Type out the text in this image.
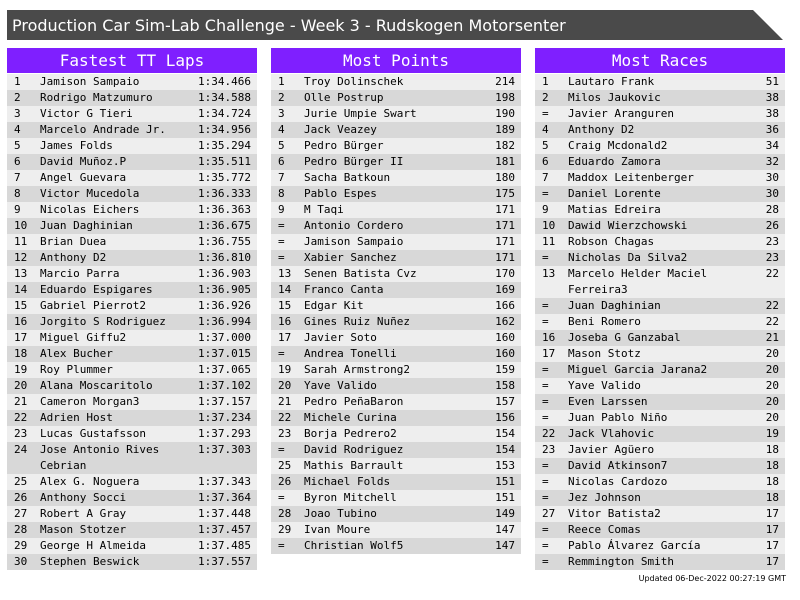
Production Car Sim-Lab Challenge - Week 3 - Rudskogen Motorsenter
Fastest TT Laps
1	Jamison Sampaio	1:34.466
2	Rodrigo Matzumuro	1:34.588
3	Victor G Tieri	1:34.724
4	Marcelo Andrade Jr.	1:34.956
5	James Folds	1:35.294
6	David Muñoz.P	1:35.511
7	Angel Guevara	1:35.772
8	Victor Mucedola	1:36.333
9	Nicolas Eichers	1:36.363
10	Juan Daghinian	1:36.675
11	Brian Duea	1:36.755
12	Anthony D2	1:36.810
13	Marcio Parra	1:36.903
14	Eduardo Espigares	1:36.905
15	Gabriel Pierrot2	1:36.926
16	Jorgito S Rodriguez	1:36.994
17	Miguel Giffu2	1:37.000
18	Alex Bucher	1:37.015
19	Roy Plummer	1:37.065
20	Alana Moscaritolo	1:37.102
21	Cameron Morgan3	1:37.157
22	Adrien Host	1:37.234
23	Lucas Gustafsson	1:37.293
24	Jose Antonio Rives Cebrian
1:37.303
25	Alex G. Noguera	1:37.343
26	Anthony Socci	1:37.364
27	Robert A Gray	1:37.448
28	Mason Stotzer	1:37.457
29	George H Almeida	1:37.485
30	Stephen Beswick	1:37.557
Most Points
1	Troy Dolinschek	214
2	Olle Postrup	198
3	Jurie Umpie Swart	190
4	Jack Veazey	189
5	Pedro Bürger	182
6	Pedro Bürger II	181
7	Sacha Batkoun	180
8	Pablo Espes	175
9	M Taqi	171
=	Antonio Cordero	171
=	Jamison Sampaio	171
=	Xabier Sanchez	171
13	Senen Batista Cvz	170
14	Franco Canta	169
15	Edgar Kit	166
16	Gines Ruiz Nuñez	162
17	Javier Soto	160
=	Andrea Tonelli	160
19	Sarah Armstrong2	159
20	Yave Valido	158
21	Pedro PeñaBaron	157
22	Michele Curina	156
23	Borja Pedrero2	154
=	David Rodriguez	154
25	Mathis Barrault	153
26	Michael Folds	151
=	Byron Mitchell	151
28	Joao Tubino	149
29	Ivan Moure	147
=	Christian Wolf5	147
Most Races
1	Lautaro Frank	51
2	Milos Jaukovic	38
=	Javier Aranguren	38
4	Anthony D2	36
5	Craig Mcdonald2	34
6	Eduardo Zamora	32
7	Maddox Leitenberger	30
=	Daniel Lorente	30
9	Matias Edreira	28
10	Dawid Wierzchowski	26
11	Robson Chagas	23
=	Nicholas Da Silva2	23
13	Marcelo Helder Maciel Ferreira3
22
=	Juan Daghinian	22
=	Beni Romero	22
16	Joseba G Ganzabal	21
17	Mason Stotz	20
=	Miguel Garcia Jarana2	20
=	Yave Valido	20
=	Even Larssen	20
=	Juan Pablo Niño	20
22	Jack Vlahovic	19
23	Javier Agüero	18
=	David Atkinson7	18
=	Nicolas Cardozo	18
=	Jez Johnson	18
27	Vitor Batista2	17
=	Reece Comas	17
=	Pablo Álvarez García	17
=	Remmington Smith	17
Updated 06-Dec-2022 00:27:19 GMT
